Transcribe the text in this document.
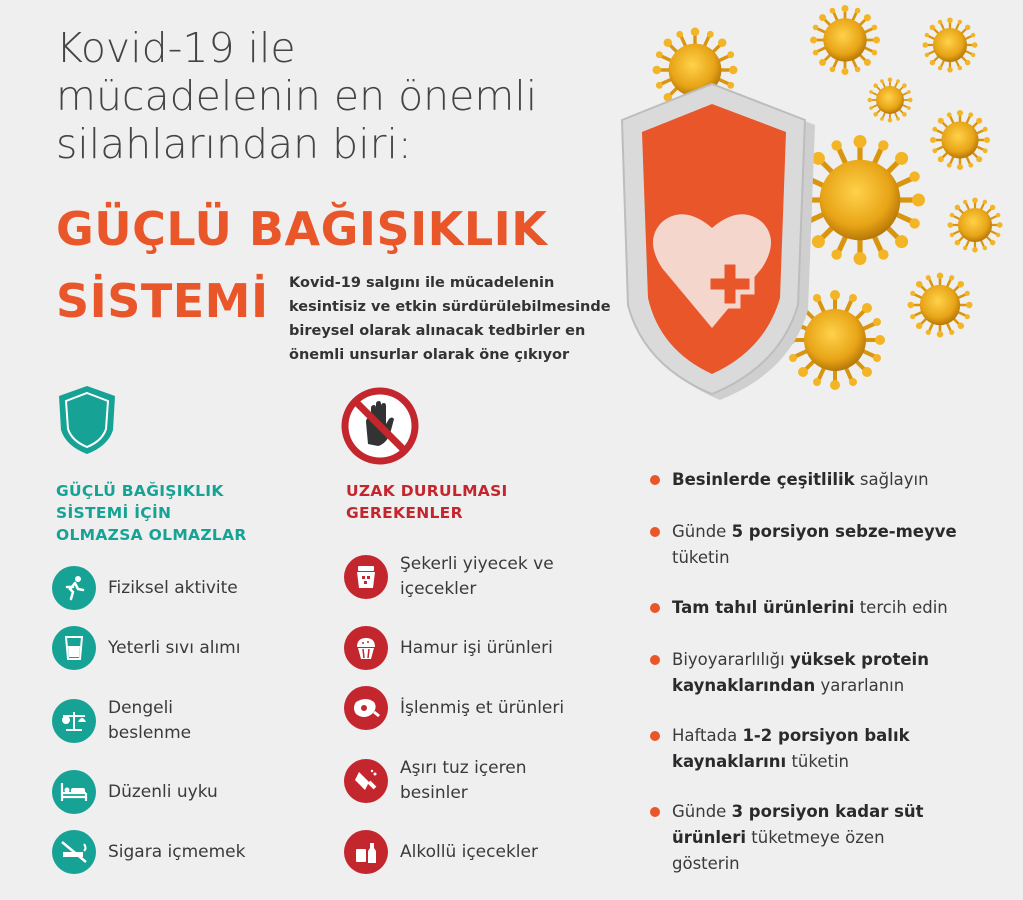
Kovid-19 ile
mücadelenin en önemli
silahlarından biri:
GÜÇLÜ BAĞIŞIKLIK
SİSTEMİ	Kovid-19 salgını ile mücadelenin
kesintisiz ve etkin sürdürülebilmesinde
bireysel olarak alınacak tedbirler en
önemli unsurlar olarak öne çıkıyor
GÜÇLÜ BAĞIŞIKLIK
SİSTEMİ İÇİN
OLMAZSA OLMAZLAR
Fiziksel aktivite
Yeterli sıvı alımı
Dengeli
beslenme
Düzenli uyku
Sigara içmemek
UZAK DURULMASI
GEREKENLER
Şekerli yiyecek ve
içecekler
Hamur işi ürünleri
İşlenmiş et ürünleri
Aşırı tuz içeren
besinler
Alkollü içecekler
Besinlerde çeşitlilik sağlayın
Günde 5 porsiyon sebze-meyve
tüketin
Tam tahıl ürünlerini tercih edin
Biyoyararlılığı yüksek protein
kaynaklarından yararlanın
Haftada 1-2 porsiyon balık
kaynaklarını tüketin
Günde 3 porsiyon kadar süt
ürünleri tüketmeye özen
gösterin
